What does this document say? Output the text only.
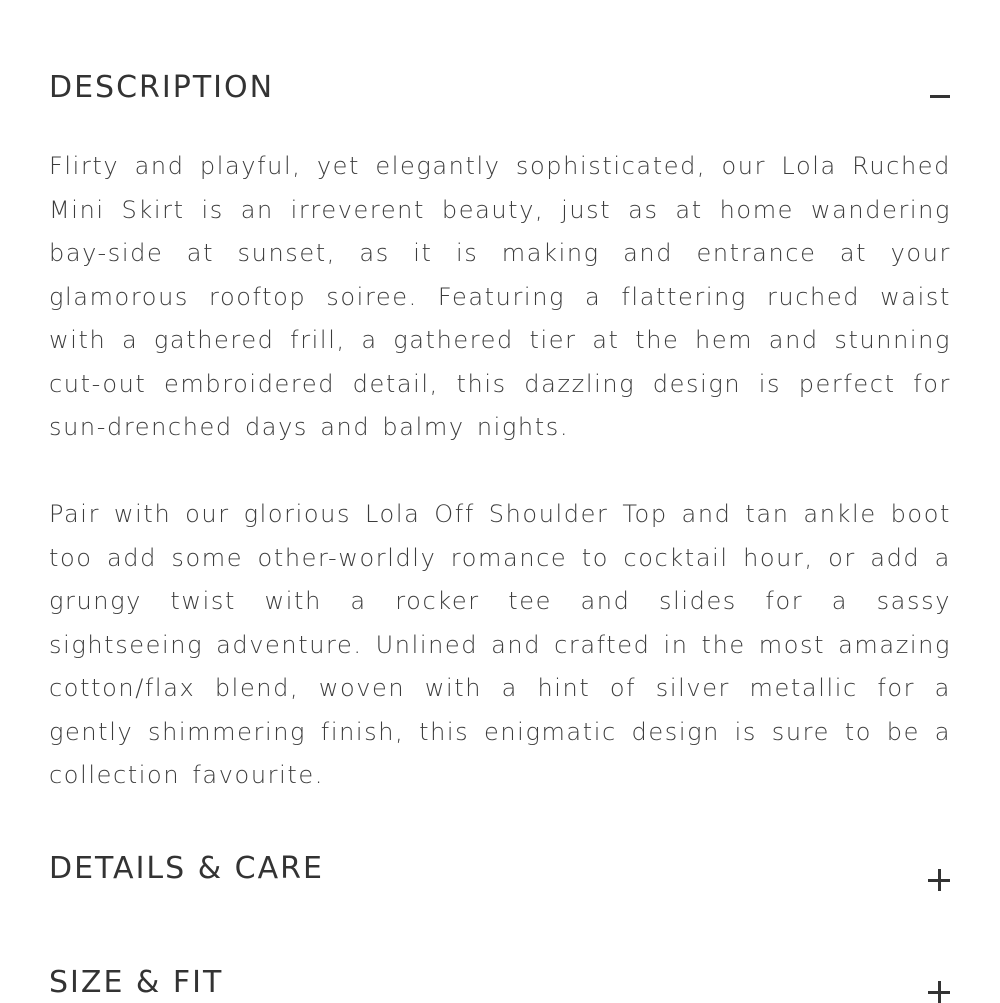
DESCRIPTION

Flirty and playful, yet elegantly sophisticated, our Lola Ruched Mini Skirt is an irreverent beauty, just as at home wandering bay-side at sunset, as it is making and entrance at your glamorous rooftop soiree. Featuring a flattering ruched waist with a gathered frill, a gathered tier at the hem and stunning cut-out embroidered detail, this dazzling design is perfect for sun-drenched days and balmy nights.

Pair with our glorious Lola Off Shoulder Top and tan ankle boot too add some other-worldly romance to cocktail hour, or add a grungy twist with a rocker tee and slides for a sassy sightseeing adventure. Unlined and crafted in the most amazing cotton/flax blend, woven with a hint of silver metallic for a gently shimmering finish, this enigmatic design is sure to be a collection favourite.

DETAILS & CARE
SIZE & FIT
